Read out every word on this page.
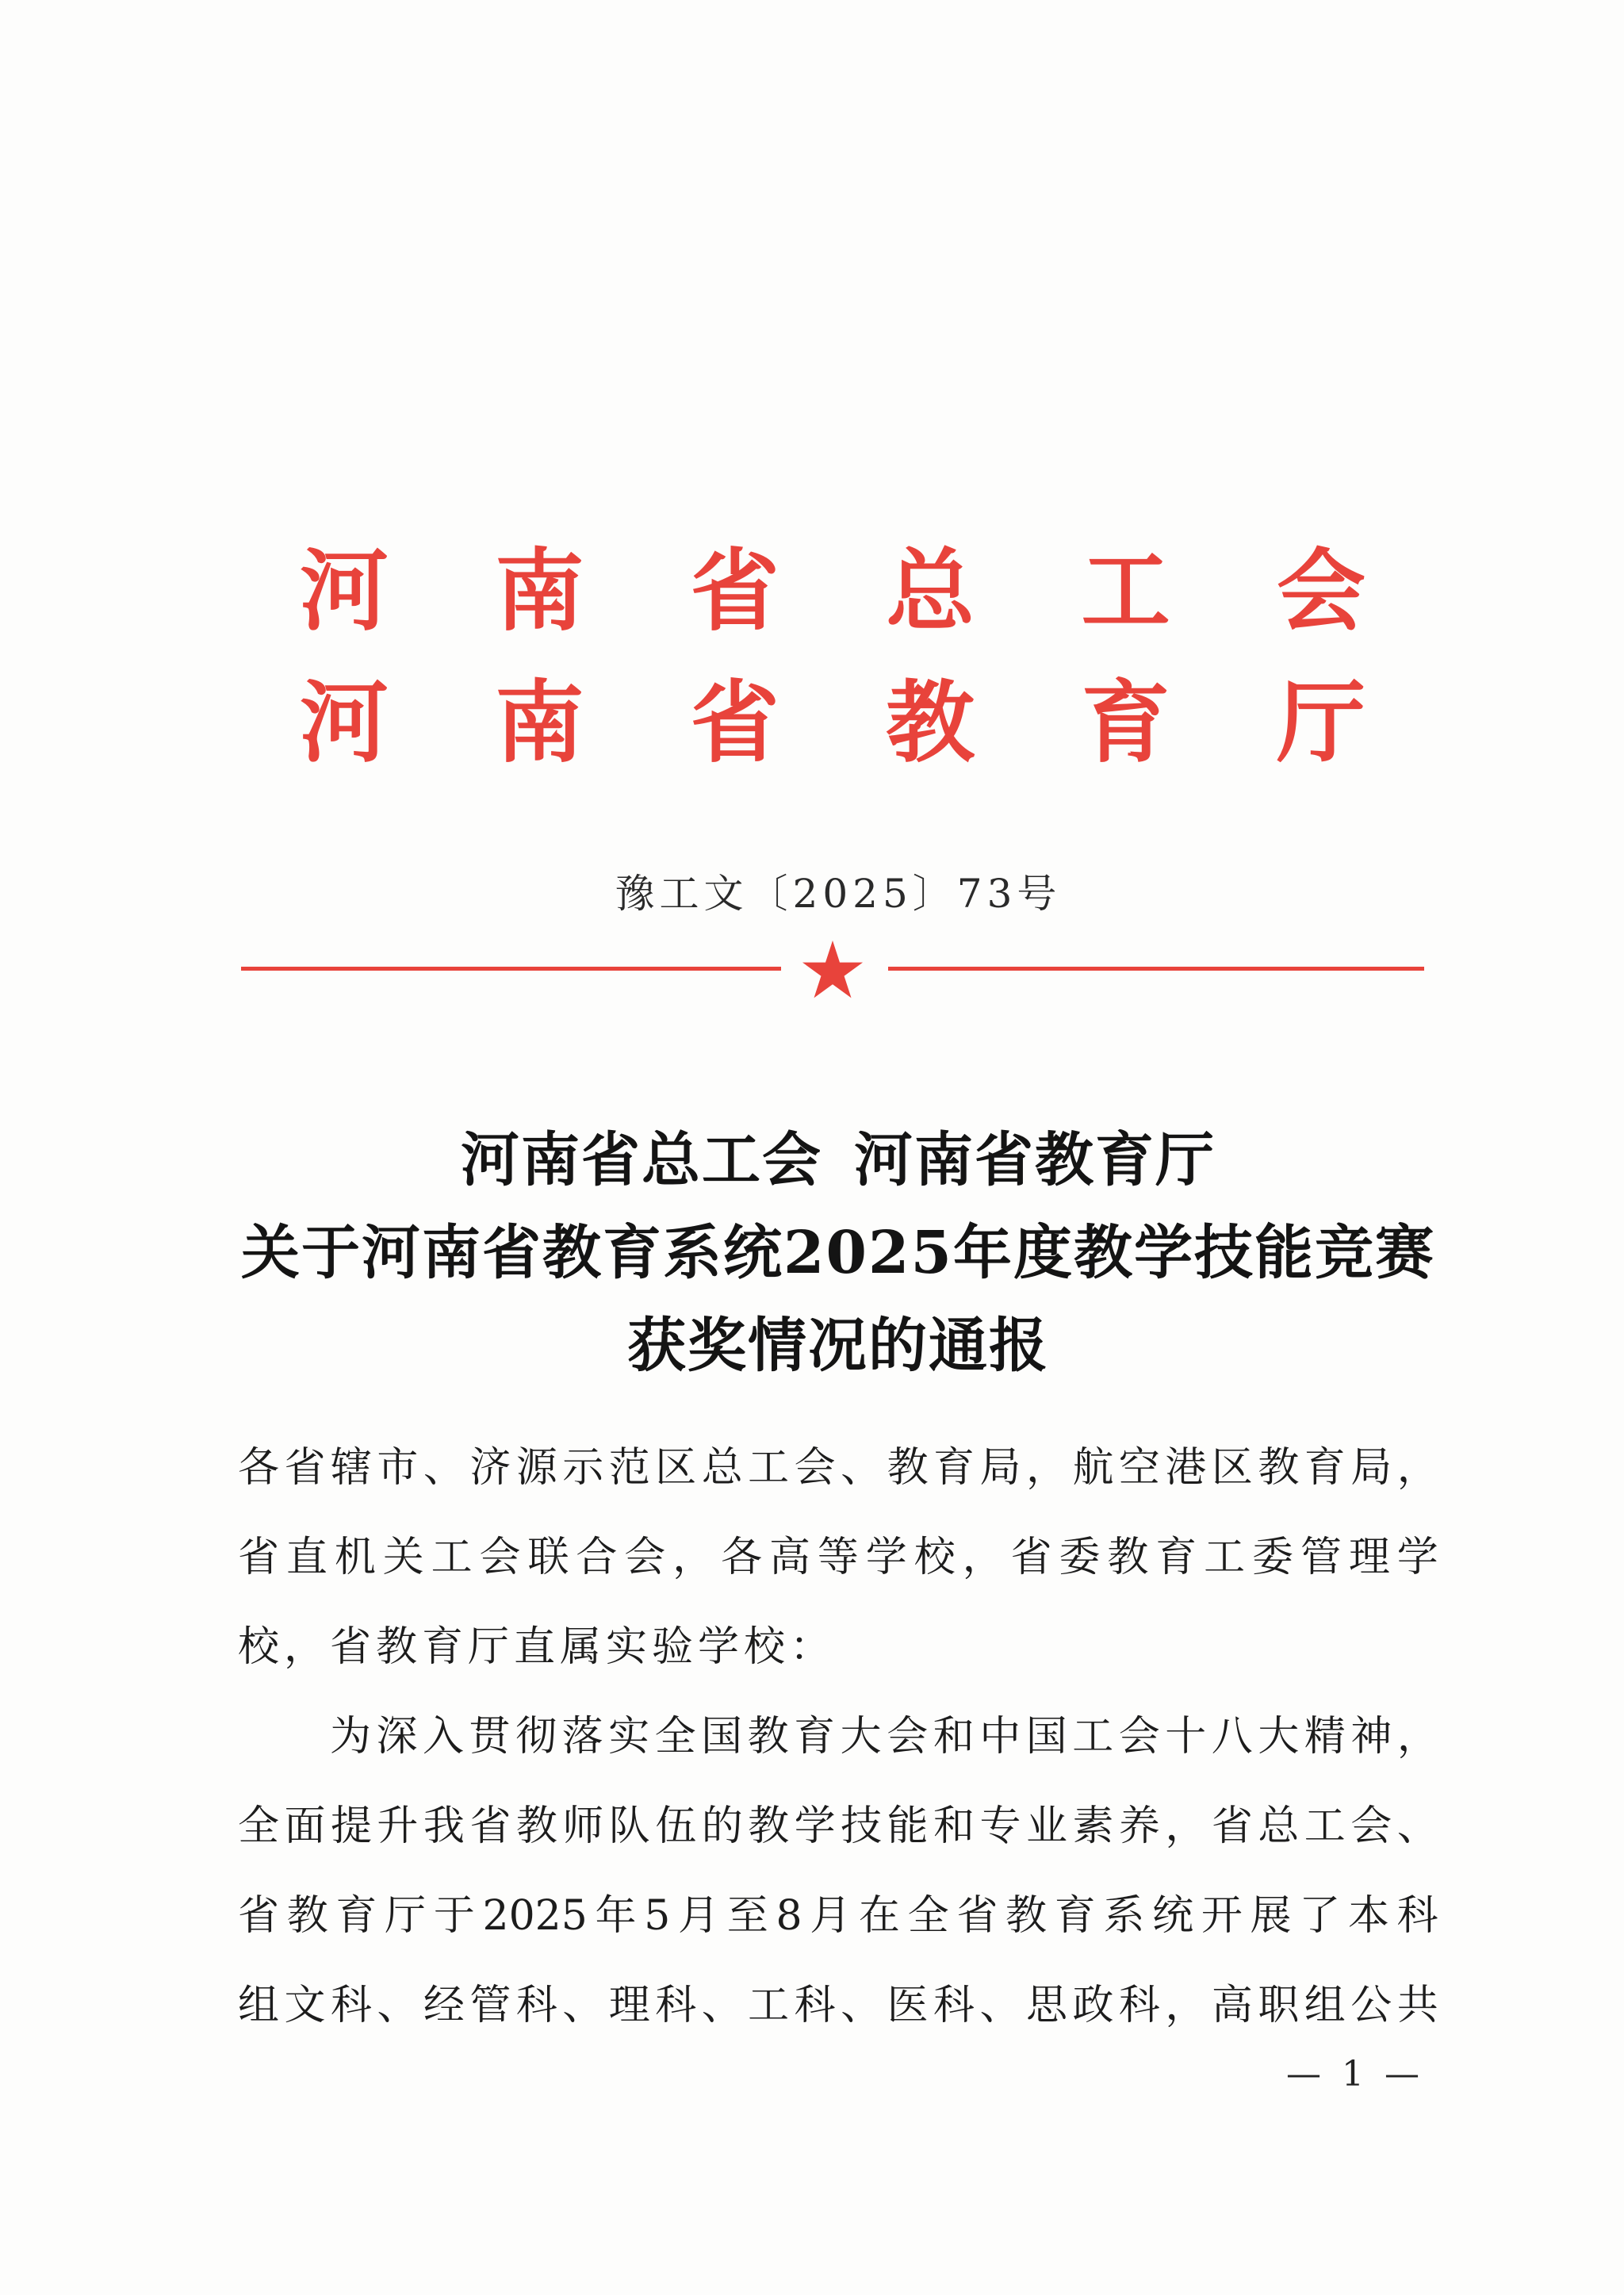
河 南 省 总 工 会
河 南 省 教 育 厅
豫工文〔2025〕73号
河南省总工会 河南省教育厅
关于河南省教育系统2025年度教学技能竞赛
获奖情况的通报
各 省 辖 市 、 济 源 示 范 区 总 工 会 、 教 育 局 ， 航 空 港 区 教 育 局 ，
省 直 机 关 工 会 联 合 会 ， 各 高 等 学 校 ， 省 委 教 育 工 委 管 理 学
校，省教育厅直属实验学校：
为 深 入 贯 彻 落 实 全 国 教 育 大 会 和 中 国 工 会 十 八 大 精 神 ，
全 面 提 升 我 省 教 师 队 伍 的 教 学 技 能 和 专 业 素 养 ， 省 总 工 会 、
省 教 育 厅 于 2025 年 5 月 至 8 月 在 全 省 教 育 系 统 开 展 了 本 科
组 文 科 、 经 管 科 、 理 科 、 工 科 、 医 科 、 思 政 科 ， 高 职 组 公 共
— 1 —
